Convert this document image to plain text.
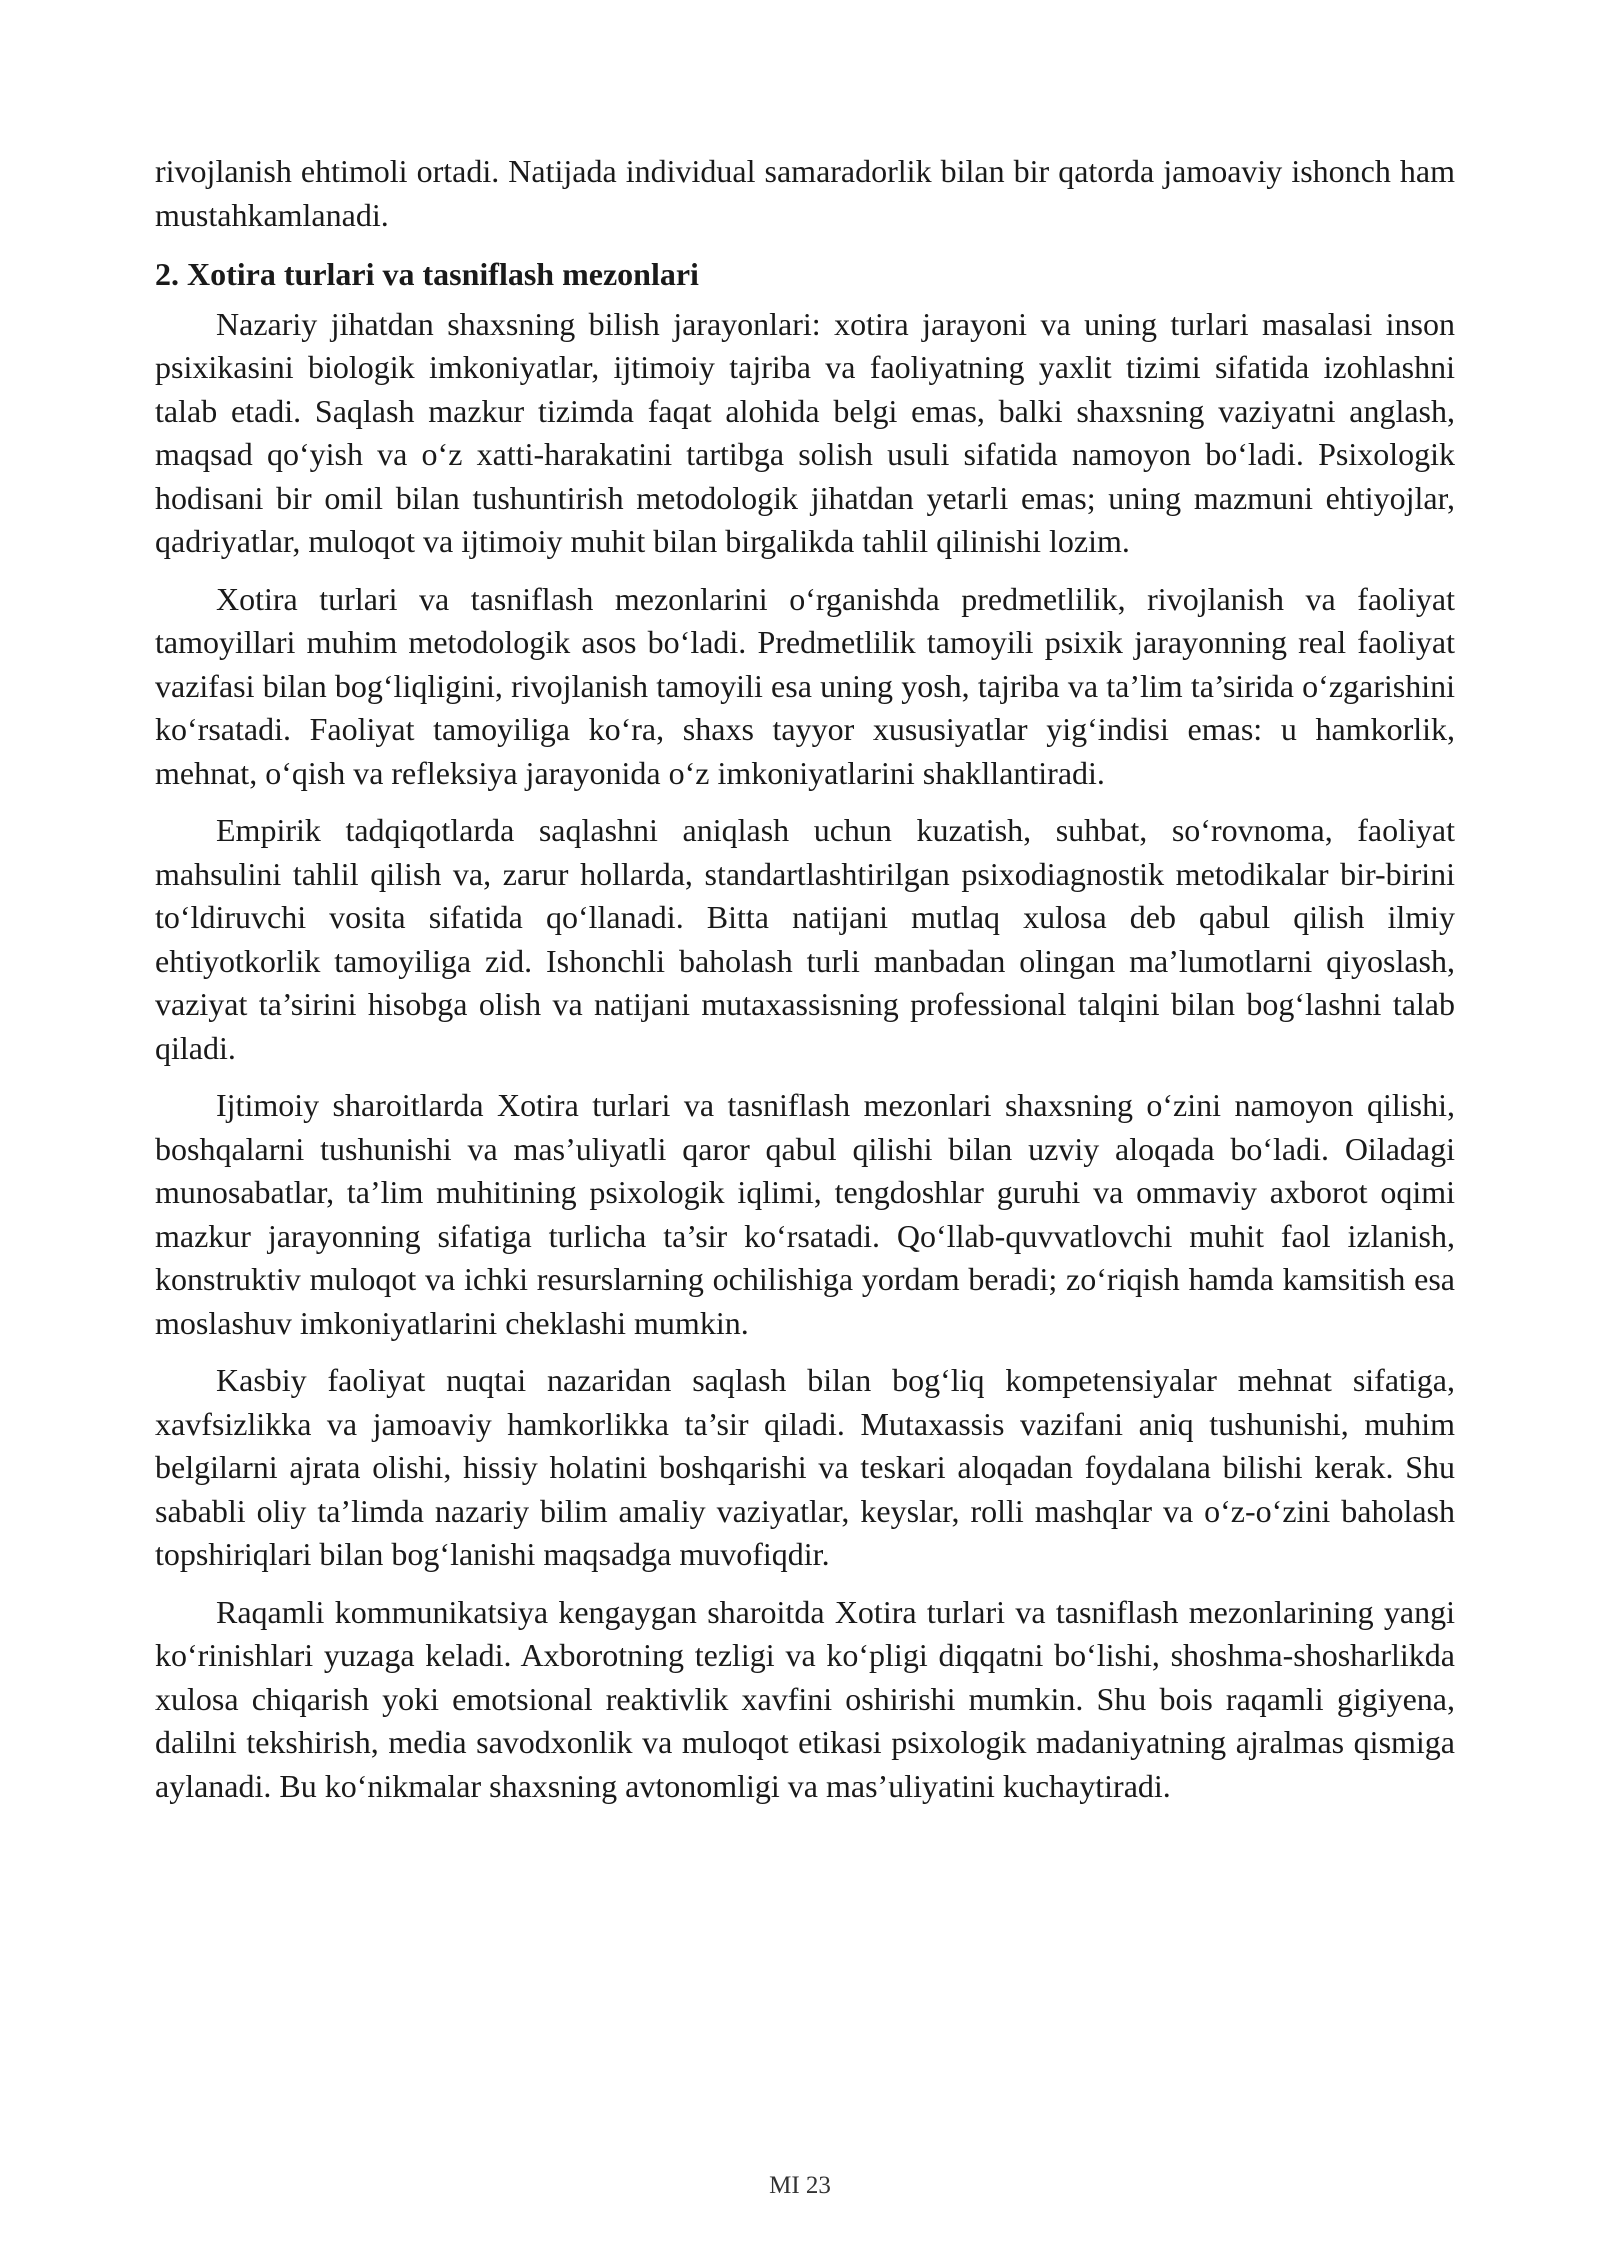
rivojlanish ehtimoli ortadi. Natijada individual samaradorlik bilan bir qatorda jamoaviy ishonch ham mustahkamlanadi.

2. Xotira turlari va tasniflash mezonlari

Nazariy jihatdan shaxsning bilish jarayonlari: xotira jarayoni va uning turlari masalasi inson psixikasini biologik imkoniyatlar, ijtimoiy tajriba va faoliyatning yaxlit tizimi sifatida izohlashni talab etadi. Saqlash mazkur tizimda faqat alohida belgi emas, balki shaxsning vaziyatni anglash, maqsad qo‘yish va o‘z xatti-harakatini tartibga solish usuli sifatida namoyon bo‘ladi. Psixologik hodisani bir omil bilan tushuntirish metodologik jihatdan yetarli emas; uning mazmuni ehtiyojlar, qadriyatlar, muloqot va ijtimoiy muhit bilan birgalikda tahlil qilinishi lozim.

Xotira turlari va tasniflash mezonlarini o‘rganishda predmetlilik, rivojlanish va faoliyat tamoyillari muhim metodologik asos bo‘ladi. Predmetlilik tamoyili psixik jarayonning real faoliyat vazifasi bilan bog‘liqligini, rivojlanish tamoyili esa uning yosh, tajriba va ta’lim ta’sirida o‘zgarishini ko‘rsatadi. Faoliyat tamoyiliga ko‘ra, shaxs tayyor xususiyatlar yig‘indisi emas: u hamkorlik, mehnat, o‘qish va refleksiya jarayonida o‘z imkoniyatlarini shakllantiradi.

Empirik tadqiqotlarda saqlashni aniqlash uchun kuzatish, suhbat, so‘rovnoma, faoliyat mahsulini tahlil qilish va, zarur hollarda, standartlashtirilgan psixodiagnostik metodikalar bir-birini to‘ldiruvchi vosita sifatida qo‘llanadi. Bitta natijani mutlaq xulosa deb qabul qilish ilmiy ehtiyotkorlik tamoyiliga zid. Ishonchli baholash turli manbadan olingan ma’lumotlarni qiyoslash, vaziyat ta’sirini hisobga olish va natijani mutaxassisning professional talqini bilan bog‘lashni talab qiladi.

Ijtimoiy sharoitlarda Xotira turlari va tasniflash mezonlari shaxsning o‘zini namoyon qilishi, boshqalarni tushunishi va mas’uliyatli qaror qabul qilishi bilan uzviy aloqada bo‘ladi. Oiladagi munosabatlar, ta’lim muhitining psixologik iqlimi, tengdoshlar guruhi va ommaviy axborot oqimi mazkur jarayonning sifatiga turlicha ta’sir ko‘rsatadi. Qo‘llab-quvvatlovchi muhit faol izlanish, konstruktiv muloqot va ichki resurslarning ochilishiga yordam beradi; zo‘riqish hamda kamsitish esa moslashuv imkoniyatlarini cheklashi mumkin.

Kasbiy faoliyat nuqtai nazaridan saqlash bilan bog‘liq kompetensiyalar mehnat sifatiga, xavfsizlikka va jamoaviy hamkorlikka ta’sir qiladi. Mutaxassis vazifani aniq tushunishi, muhim belgilarni ajrata olishi, hissiy holatini boshqarishi va teskari aloqadan foydalana bilishi kerak. Shu sababli oliy ta’limda nazariy bilim amaliy vaziyatlar, keyslar, rolli mashqlar va o‘z-o‘zini baholash topshiriqlari bilan bog‘lanishi maqsadga muvofiqdir.

Raqamli kommunikatsiya kengaygan sharoitda Xotira turlari va tasniflash mezonlarining yangi ko‘rinishlari yuzaga keladi. Axborotning tezligi va ko‘pligi diqqatni bo‘lishi, shoshma-shosharlikda xulosa chiqarish yoki emotsional reaktivlik xavfini oshirishi mumkin. Shu bois raqamli gigiyena, dalilni tekshirish, media savodxonlik va muloqot etikasi psixologik madaniyatning ajralmas qismiga aylanadi. Bu ko‘nikmalar shaxsning avtonomligi va mas’uliyatini kuchaytiradi.

MI 23
